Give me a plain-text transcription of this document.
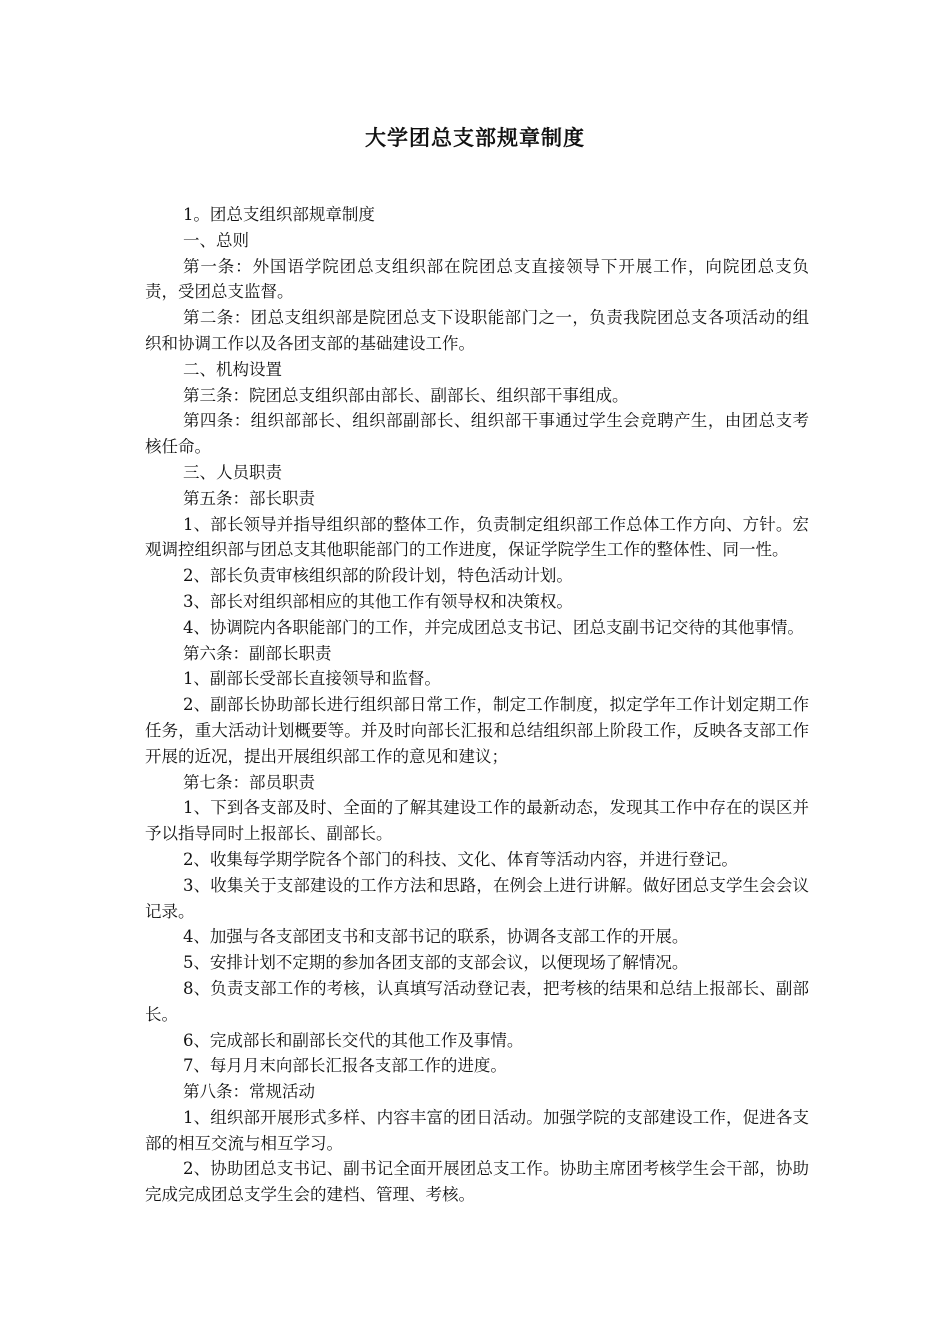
大学团总支部规章制度

1。团总支组织部规章制度

一、总则

第一条：外国语学院团总支组织部在院团总支直接领导下开展工作，向院团总支负责，受团总支监督。

第二条：团总支组织部是院团总支下设职能部门之一，负责我院团总支各项活动的组织和协调工作以及各团支部的基础建设工作。

二、机构设置

第三条：院团总支组织部由部长、副部长、组织部干事组成。

第四条：组织部部长、组织部副部长、组织部干事通过学生会竞聘产生，由团总支考核任命。

三、人员职责

第五条：部长职责

1、部长领导并指导组织部的整体工作，负责制定组织部工作总体工作方向、方针。宏观调控组织部与团总支其他职能部门的工作进度，保证学院学生工作的整体性、同一性。

2、部长负责审核组织部的阶段计划，特色活动计划。

3、部长对组织部相应的其他工作有领导权和决策权。

4、协调院内各职能部门的工作，并完成团总支书记、团总支副书记交待的其他事情。

第六条：副部长职责

1、副部长受部长直接领导和监督。

2、副部长协助部长进行组织部日常工作，制定工作制度，拟定学年工作计划定期工作任务，重大活动计划概要等。并及时向部长汇报和总结组织部上阶段工作，反映各支部工作开展的近况，提出开展组织部工作的意见和建议；

第七条：部员职责

1、下到各支部及时、全面的了解其建设工作的最新动态，发现其工作中存在的误区并予以指导同时上报部长、副部长。

2、收集每学期学院各个部门的科技、文化、体育等活动内容，并进行登记。

3、收集关于支部建设的工作方法和思路，在例会上进行讲解。做好团总支学生会会议记录。

4、加强与各支部团支书和支部书记的联系，协调各支部工作的开展。

5、安排计划不定期的参加各团支部的支部会议，以便现场了解情况。

8、负责支部工作的考核，认真填写活动登记表，把考核的结果和总结上报部长、副部长。

6、完成部长和副部长交代的其他工作及事情。

7、每月月末向部长汇报各支部工作的进度。

第八条：常规活动

1、组织部开展形式多样、内容丰富的团日活动。加强学院的支部建设工作，促进各支部的相互交流与相互学习。

2、协助团总支书记、副书记全面开展团总支工作。协助主席团考核学生会干部，协助完成完成团总支学生会的建档、管理、考核。
